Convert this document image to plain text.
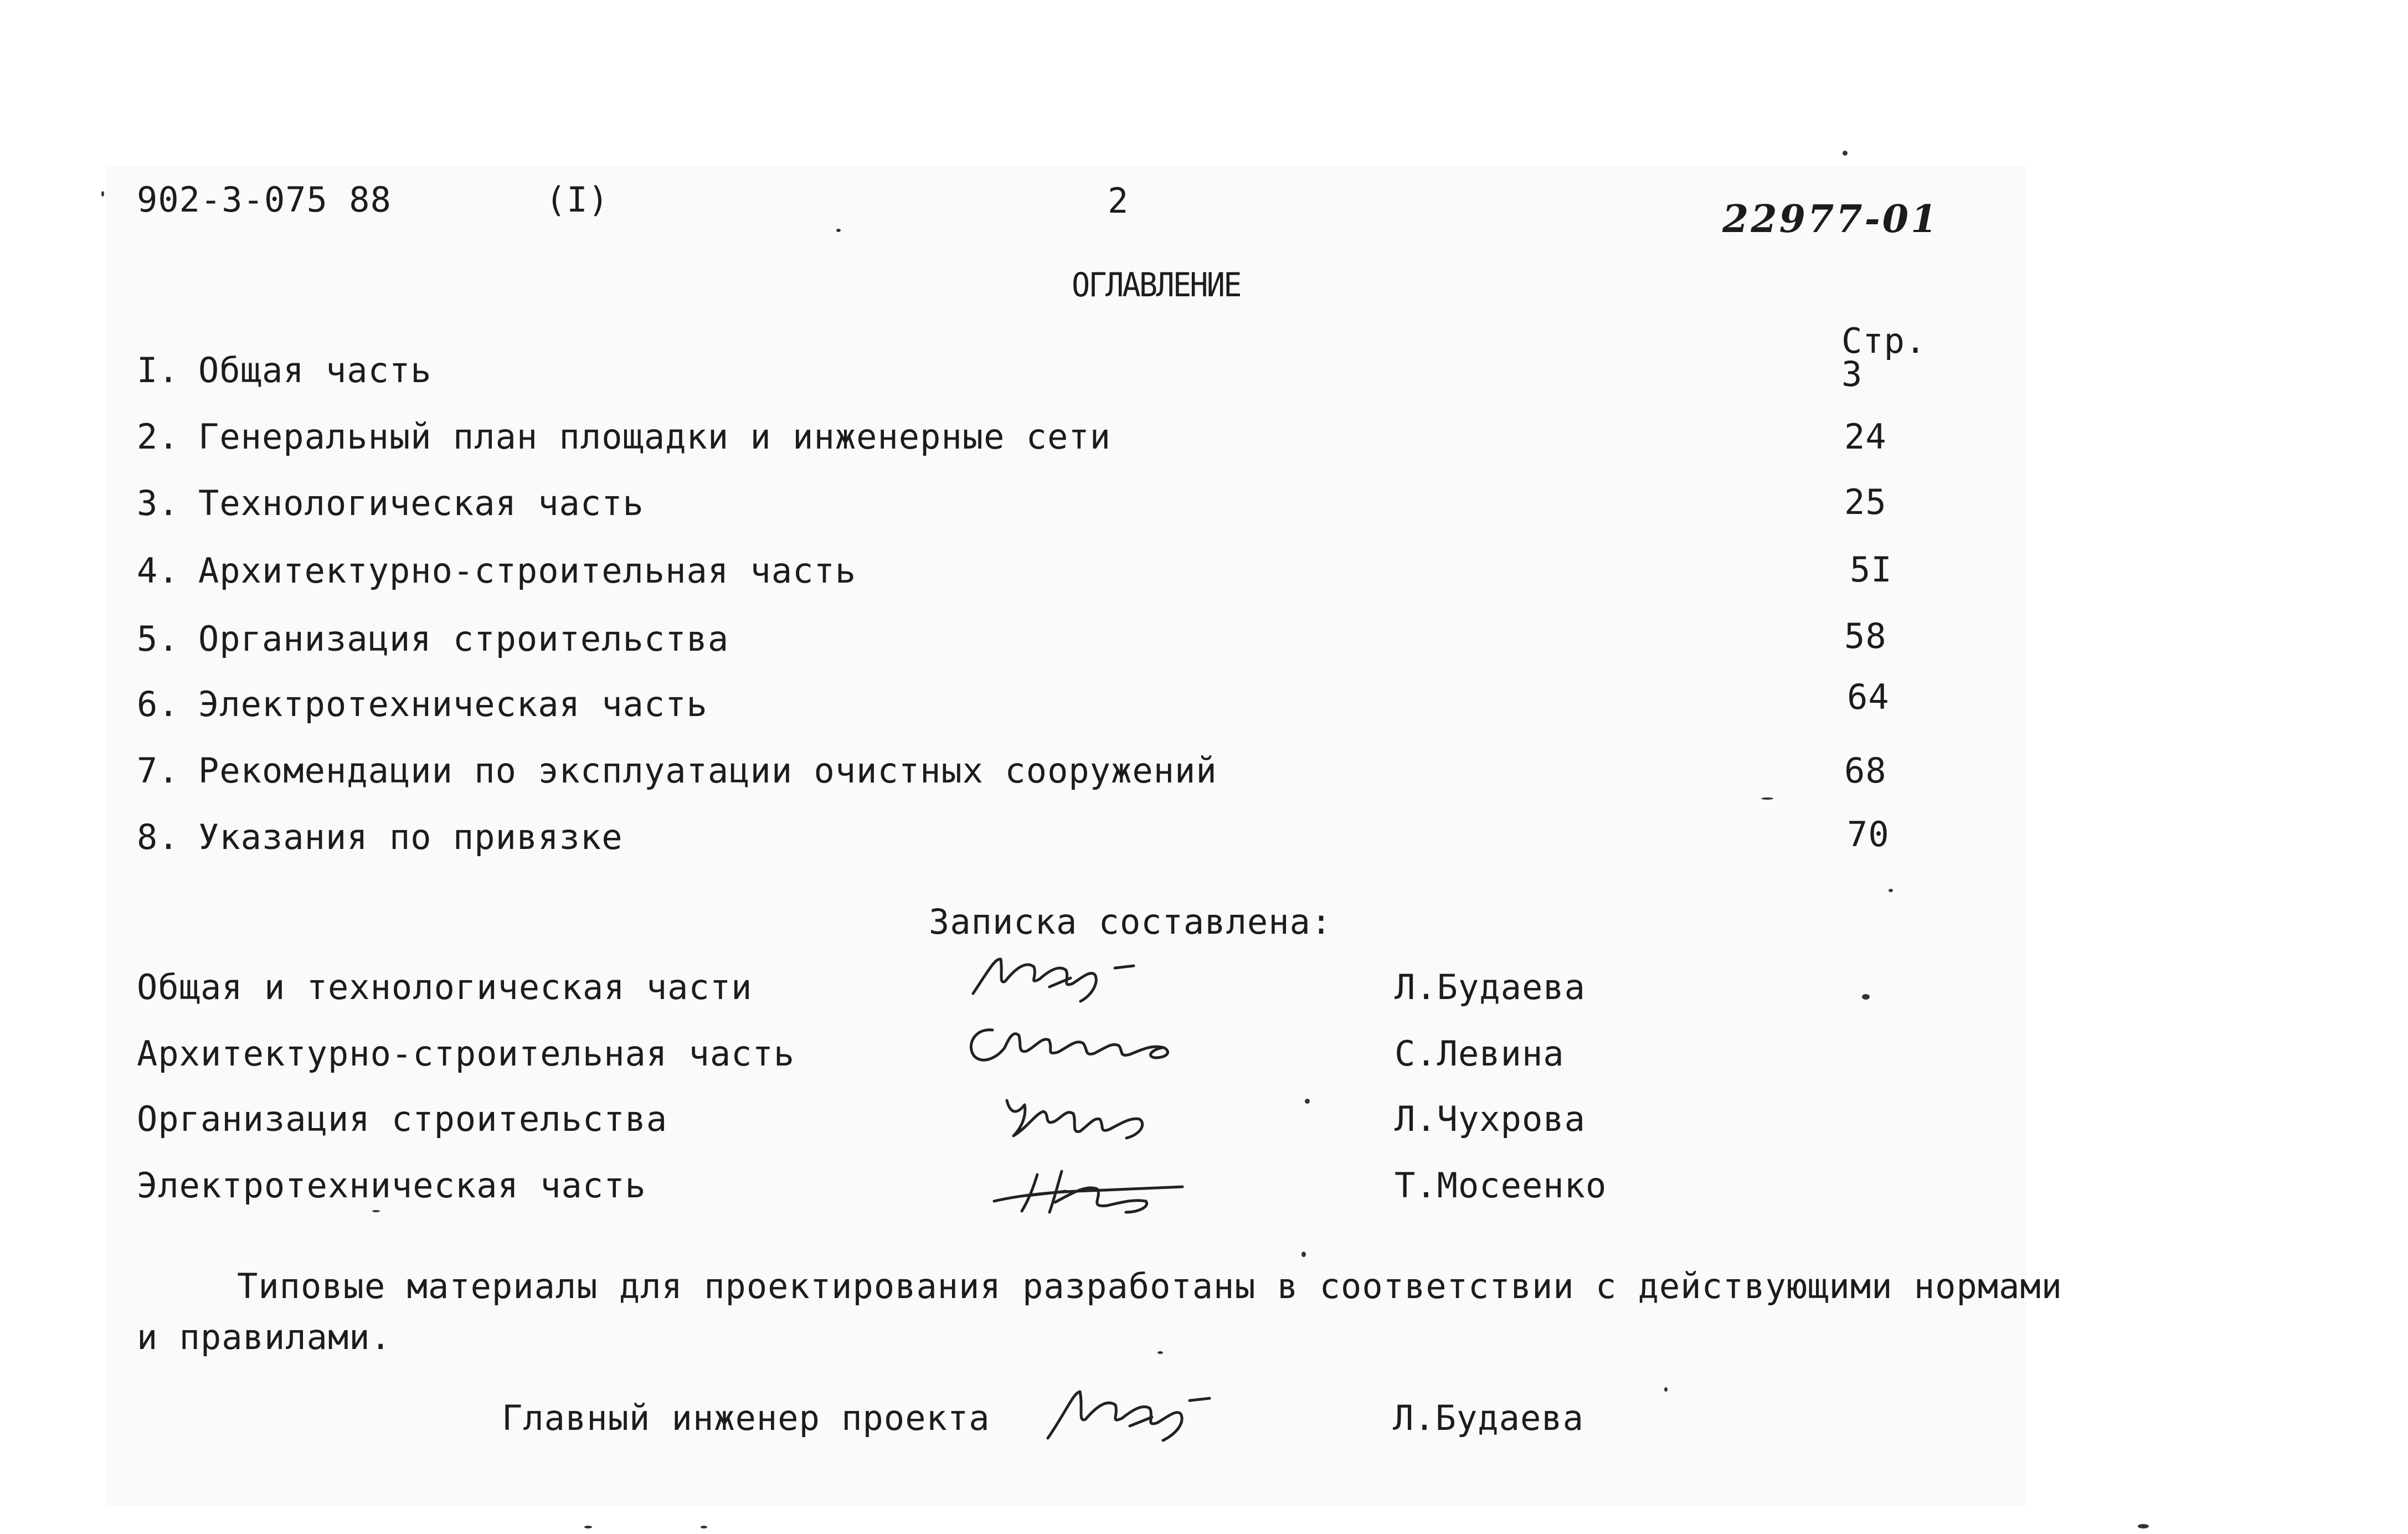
902-3-075 88	(I)	2	22977-01
ОГЛАВЛЕНИЕ
Стр.
I. Общая часть	3
2. Генеральный план площадки и инженерные сети	24
3. Технологическая часть	25
4. Архитектурно-строительная часть	5I
5. Организация строительства	58
6. Электротехническая часть	64
7. Рекомендации по эксплуатации очистных сооружений	68
8. Указания по привязке	70
Записка составлена:
Общая и технологическая части	Л.Будаева
Архитектурно-строительная часть	С.Левина
Организация строительства	Л.Чухрова
Электротехническая часть	Т.Мосеенко
Типовые материалы для проектирования разработаны в соответствии с действующими нормами
и правилами.
Главный инженер проекта	Л.Будаева
